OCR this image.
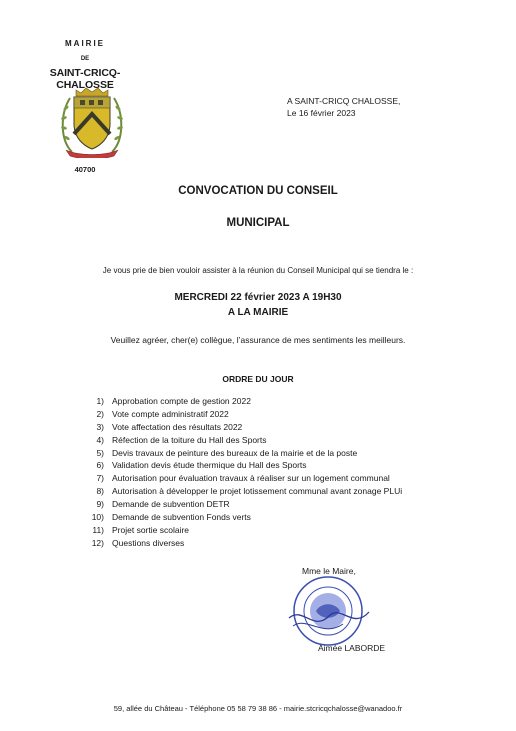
MAIRIE
DE
SAINT-CRICQ-CHALOSSE
40700
A SAINT-CRICQ CHALOSSE,
Le 16 février 2023
CONVOCATION DU CONSEIL
MUNICIPAL
Je vous prie de bien vouloir assister à la réunion du Conseil Municipal qui se tiendra le :
MERCREDI 22 février 2023 A 19H30
A LA MAIRIE
Veuillez agréer, cher(e) collègue, l’assurance de mes sentiments les meilleurs.
ORDRE DU JOUR
1) Approbation compte de gestion 2022
2) Vote compte administratif 2022
3) Vote affectation des résultats 2022
4) Réfection de la toiture du Hall des Sports
5) Devis travaux de peinture des bureaux de la mairie et de la poste
6) Validation devis étude thermique du Hall des Sports
7) Autorisation pour évaluation travaux à réaliser sur un logement communal
8) Autorisation à développer le projet lotissement communal avant zonage PLUi
9) Demande de subvention DETR
10) Demande de subvention Fonds verts
11) Projet sortie scolaire
12) Questions diverses
Mme le Maire,
Aimée LABORDE
59, allée du Château - Téléphone 05 58 79 38 86 - mairie.stcricqchalosse@wanadoo.fr
